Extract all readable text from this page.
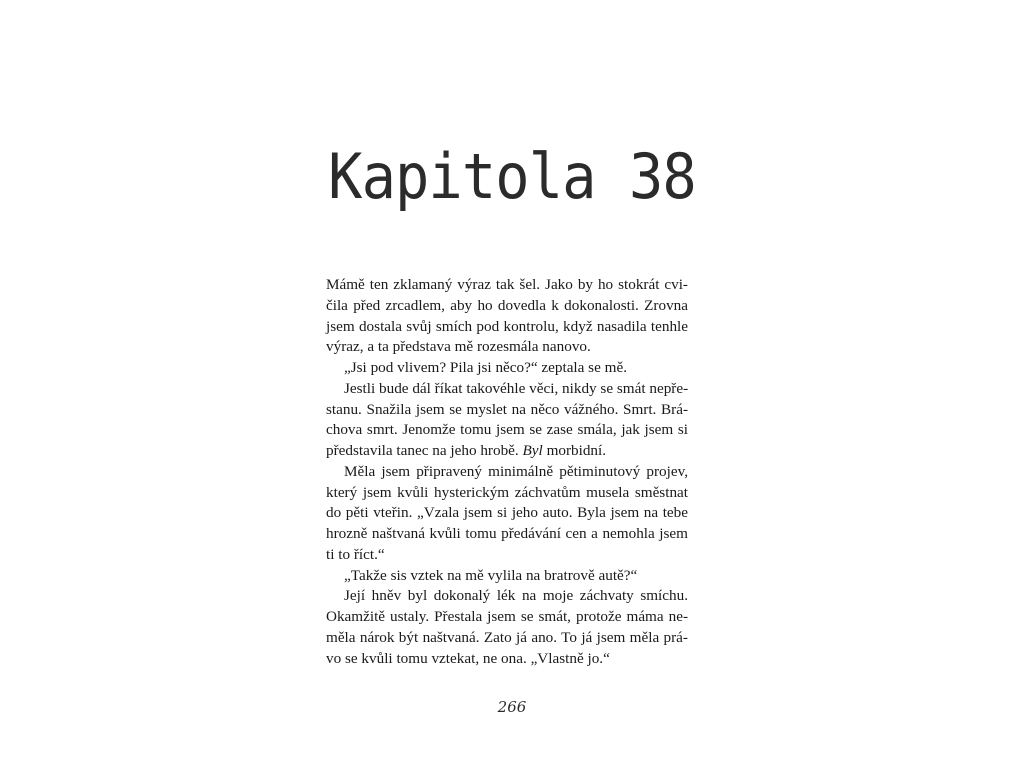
Kapitola 38
Mámě ten zklamaný výraz tak šel. Jako by ho stokrát cvi-
čila před zrcadlem, aby ho dovedla k dokonalosti. Zrovna
jsem dostala svůj smích pod kontrolu, když nasadila tenhle
výraz, a ta představa mě rozesmála nanovo.
„Jsi pod vlivem? Pila jsi něco?“ zeptala se mě.
Jestli bude dál říkat takovéhle věci, nikdy se smát nepře-
stanu. Snažila jsem se myslet na něco vážného. Smrt. Brá-
chova smrt. Jenomže tomu jsem se zase smála, jak jsem si
představila tanec na jeho hrobě. Byl morbidní.
Měla jsem připravený minimálně pětiminutový projev,
který jsem kvůli hysterickým záchvatům musela směstnat
do pěti vteřin. „Vzala jsem si jeho auto. Byla jsem na tebe
hrozně naštvaná kvůli tomu předávání cen a nemohla jsem
ti to říct.“
„Takže sis vztek na mě vylila na bratrově autě?“
Její hněv byl dokonalý lék na moje záchvaty smíchu.
Okamžitě ustaly. Přestala jsem se smát, protože máma ne-
měla nárok být naštvaná. Zato já ano. To já jsem měla prá-
vo se kvůli tomu vztekat, ne ona. „Vlastně jo.“
266
